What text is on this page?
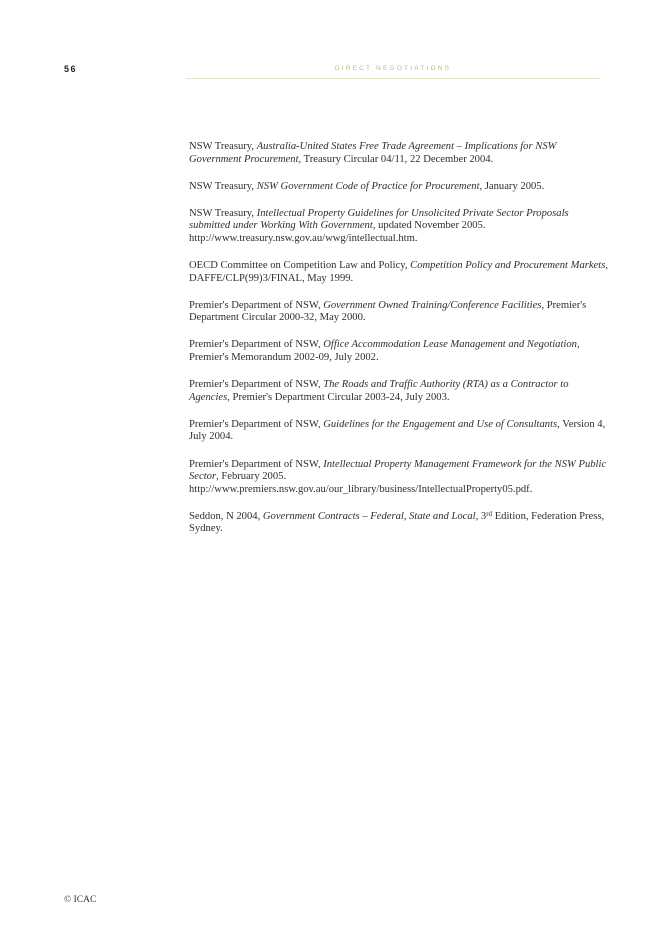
56	DIRECT NEGOTIATIONS

NSW Treasury, Australia-United States Free Trade Agreement – Implications for NSW Government Procurement, Treasury Circular 04/11, 22 December 2004.

NSW Treasury, NSW Government Code of Practice for Procurement, January 2005.

NSW Treasury, Intellectual Property Guidelines for Unsolicited Private Sector Proposals submitted under Working With Government, updated November 2005. http://www.treasury.nsw.gov.au/wwg/intellectual.htm.

OECD Committee on Competition Law and Policy, Competition Policy and Procurement Markets, DAFFE/CLP(99)3/FINAL, May 1999.

Premier's Department of NSW, Government Owned Training/Conference Facilities, Premier's Department Circular 2000-32, May 2000.

Premier's Department of NSW, Office Accommodation Lease Management and Negotiation, Premier's Memorandum 2002-09, July 2002.

Premier's Department of NSW, The Roads and Traffic Authority (RTA) as a Contractor to Agencies, Premier's Department Circular 2003-24, July 2003.

Premier's Department of NSW, Guidelines for the Engagement and Use of Consultants, Version 4, July 2004.

Premier's Department of NSW, Intellectual Property Management Framework for the NSW Public Sector, February 2005. http://www.premiers.nsw.gov.au/our_library/business/IntellectualProperty05.pdf.

Seddon, N 2004, Government Contracts – Federal, State and Local, 3rd Edition, Federation Press, Sydney.

© ICAC
